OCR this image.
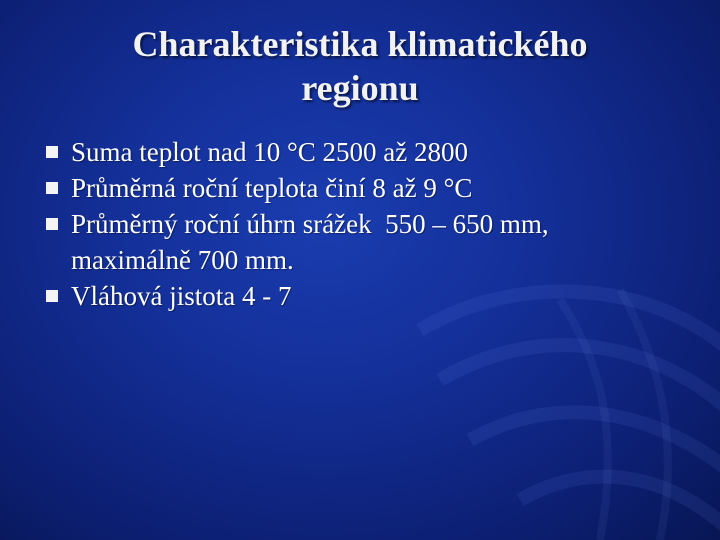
Charakteristika klimatického
regionu
Suma teplot nad 10 °C 2500 až 2800
Průměrná roční teplota činí 8 až 9 °C
Průměrný roční úhrn srážek  550 – 650 mm,
maximálně 700 mm.
Vláhová jistota 4 - 7
